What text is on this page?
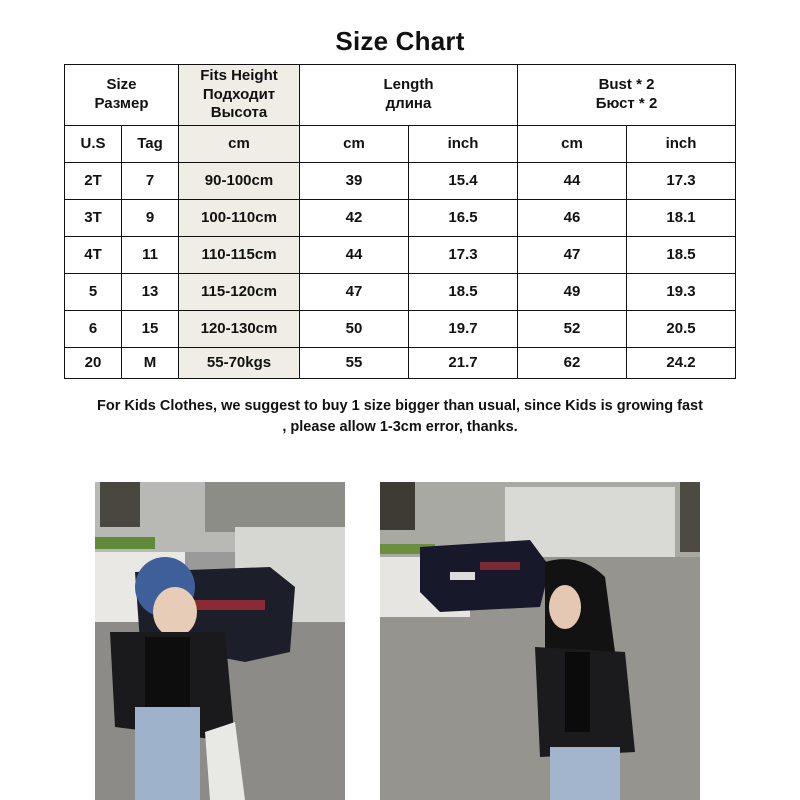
Size Chart
Size
Размер

Fits Height
Подходит
Высота

Length
длина

Bust * 2
Бюст * 2

U.S	Tag	cm	cm	inch	cm	inch
2T	7	90-100cm	39	15.4	44	17.3
3T	9	100-110cm	42	16.5	46	18.1
4T	11	110-115cm	44	17.3	47	18.5
5	13	115-120cm	47	18.5	49	19.3
6	15	120-130cm	50	19.7	52	20.5
20	M	55-70kgs	55	21.7	62	24.2
For Kids Clothes, we suggest to buy 1 size bigger than usual, since Kids is growing fast
, please allow 1-3cm error, thanks.
